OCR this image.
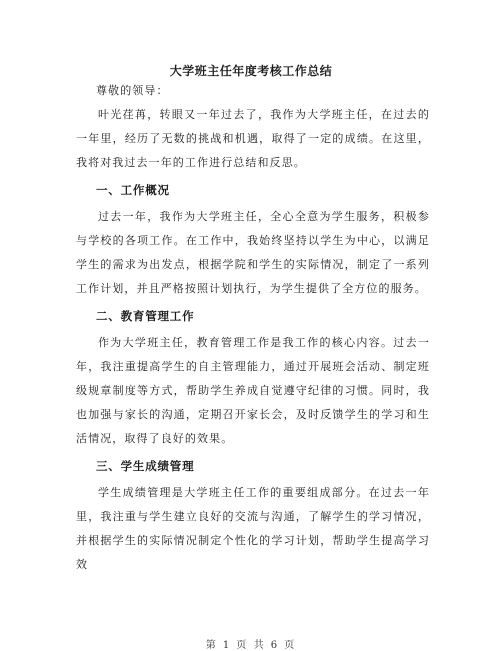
大学班主任年度考核工作总结

尊敬的领导：

叶光荏苒，转眼又一年过去了，我作为大学班主任，在过去的一年里，经历了无数的挑战和机遇，取得了一定的成绩。在这里，我将对我过去一年的工作进行总结和反思。

一、工作概况

过去一年，我作为大学班主任，全心全意为学生服务，积极参与学校的各项工作。在工作中，我始终坚持以学生为中心，以满足学生的需求为出发点，根据学院和学生的实际情况，制定了一系列工作计划，并且严格按照计划执行，为学生提供了全方位的服务。

二、教育管理工作

作为大学班主任，教育管理工作是我工作的核心内容。过去一年，我注重提高学生的自主管理能力，通过开展班会活动、制定班级规章制度等方式，帮助学生养成自觉遵守纪律的习惯。同时，我也加强与家长的沟通，定期召开家长会，及时反馈学生的学习和生活情况，取得了良好的效果。

三、学生成绩管理

学生成绩管理是大学班主任工作的重要组成部分。在过去一年里，我注重与学生建立良好的交流与沟通，了解学生的学习情况，并根据学生的实际情况制定个性化的学习计划，帮助学生提高学习效

第 1 页 共 6 页
